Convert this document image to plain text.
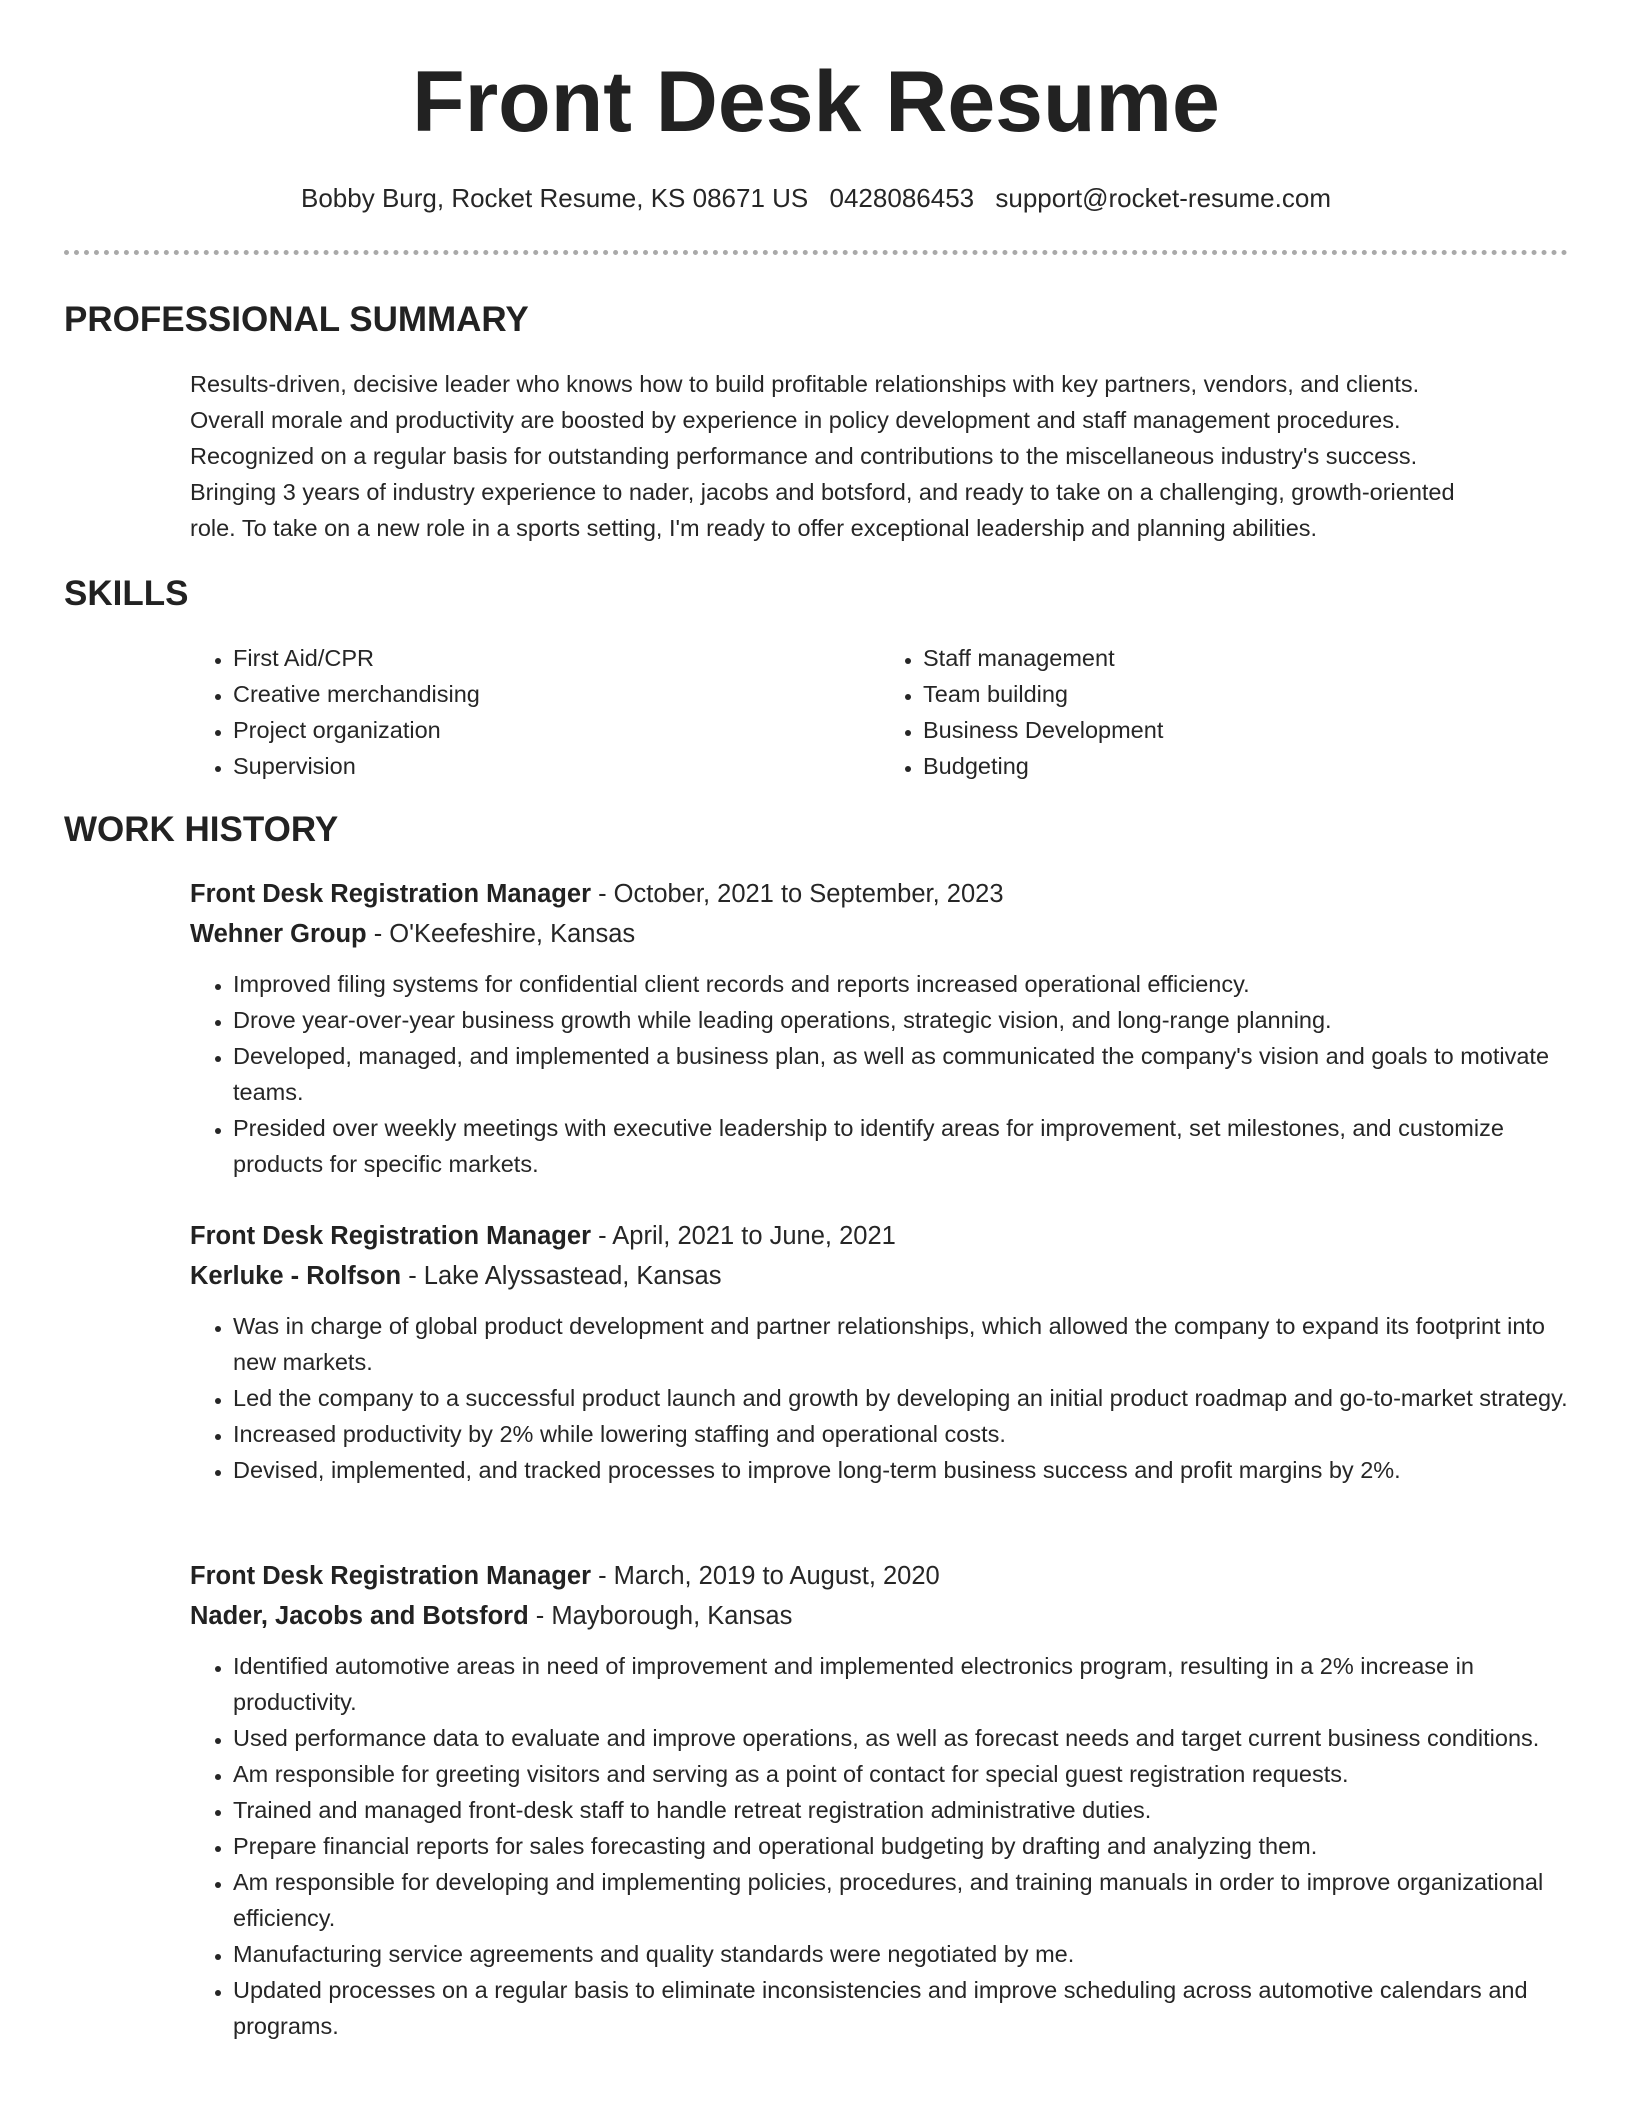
Front Desk Resume
Bobby Burg, Rocket Resume, KS 08671 US 0428086453 support@rocket-resume.com
PROFESSIONAL SUMMARY
Results-driven, decisive leader who knows how to build profitable relationships with key partners, vendors, and clients.
Overall morale and productivity are boosted by experience in policy development and staff management procedures.
Recognized on a regular basis for outstanding performance and contributions to the miscellaneous industry's success.
Bringing 3 years of industry experience to nader, jacobs and botsford, and ready to take on a challenging, growth-oriented
role. To take on a new role in a sports setting, I'm ready to offer exceptional leadership and planning abilities.
SKILLS
• First Aid/CPR
• Creative merchandising
• Project organization
• Supervision
• Staff management
• Team building
• Business Development
• Budgeting
WORK HISTORY
Front Desk Registration Manager - October, 2021 to September, 2023
Wehner Group - O'Keefeshire, Kansas
• Improved filing systems for confidential client records and reports increased operational efficiency.
• Drove year-over-year business growth while leading operations, strategic vision, and long-range planning.
• Developed, managed, and implemented a business plan, as well as communicated the company's vision and goals to motivate teams.
• Presided over weekly meetings with executive leadership to identify areas for improvement, set milestones, and customize products for specific markets.
Front Desk Registration Manager - April, 2021 to June, 2021
Kerluke - Rolfson - Lake Alyssastead, Kansas
• Was in charge of global product development and partner relationships, which allowed the company to expand its footprint into new markets.
• Led the company to a successful product launch and growth by developing an initial product roadmap and go-to-market strategy.
• Increased productivity by 2% while lowering staffing and operational costs.
• Devised, implemented, and tracked processes to improve long-term business success and profit margins by 2%.
Front Desk Registration Manager - March, 2019 to August, 2020
Nader, Jacobs and Botsford - Mayborough, Kansas
• Identified automotive areas in need of improvement and implemented electronics program, resulting in a 2% increase in productivity.
• Used performance data to evaluate and improve operations, as well as forecast needs and target current business conditions.
• Am responsible for greeting visitors and serving as a point of contact for special guest registration requests.
• Trained and managed front-desk staff to handle retreat registration administrative duties.
• Prepare financial reports for sales forecasting and operational budgeting by drafting and analyzing them.
• Am responsible for developing and implementing policies, procedures, and training manuals in order to improve organizational efficiency.
• Manufacturing service agreements and quality standards were negotiated by me.
• Updated processes on a regular basis to eliminate inconsistencies and improve scheduling across automotive calendars and programs.
